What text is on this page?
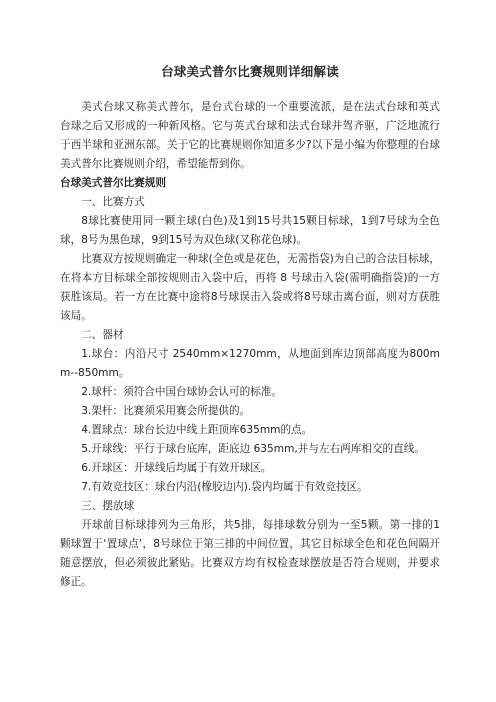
台球美式普尔比赛规则详细解读

美式台球又称美式普尔，是台式台球的一个重要流派，是在法式台球和英式台球之后又形成的一种新风格。它与英式台球和法式台球并驾齐驱，广泛地流行于西半球和亚洲东部。关于它的比赛规则你知道多少?以下是小编为你整理的台球美式普尔比赛规则介绍，希望能帮到你。

台球美式普尔比赛规则

一、比赛方式

8球比赛使用同一颗主球(白色)及1到15号共15颗目标球，1到7号球为全色球，8号为黑色球，9到15号为双色球(又称花色球)。

比赛双方按规则确定一种球(全色或是花色，无需指袋)为自己的合法目标球，在将本方目标球全部按规则击入袋中后，再将 8 号球击入袋(需明确指袋)的一方获胜该局。若一方在比赛中途将8号球误击入袋或将8号球击离台面，则对方获胜该局。

二、器材

1.球台：内沿尺寸 2540mm×1270mm，从地面到库边顶部高度为800mm--850mm。

2.球杆：须符合中国台球协会认可的标准。

3.架杆：比赛须采用赛会所提供的。

4.置球点：球台长边中线上距顶库635mm的点。

5.开球线：平行于球台底库，距底边 635mm,并与左右两库相交的直线。

6.开球区：开球线后均属于有效开球区。

7.有效竞技区：球台内沿(橡胶边内).袋内均属于有效竞技区。

三、摆放球

开球前目标球排列为三角形，共5排，每排球数分别为一至5颗。第一排的1颗球置于‘置球点’，8号球位于第三排的中间位置，其它目标球全色和花色间隔开随意摆放，但必须彼此紧贴。比赛双方均有权检查球摆放是否符合规则，并要求修正。
